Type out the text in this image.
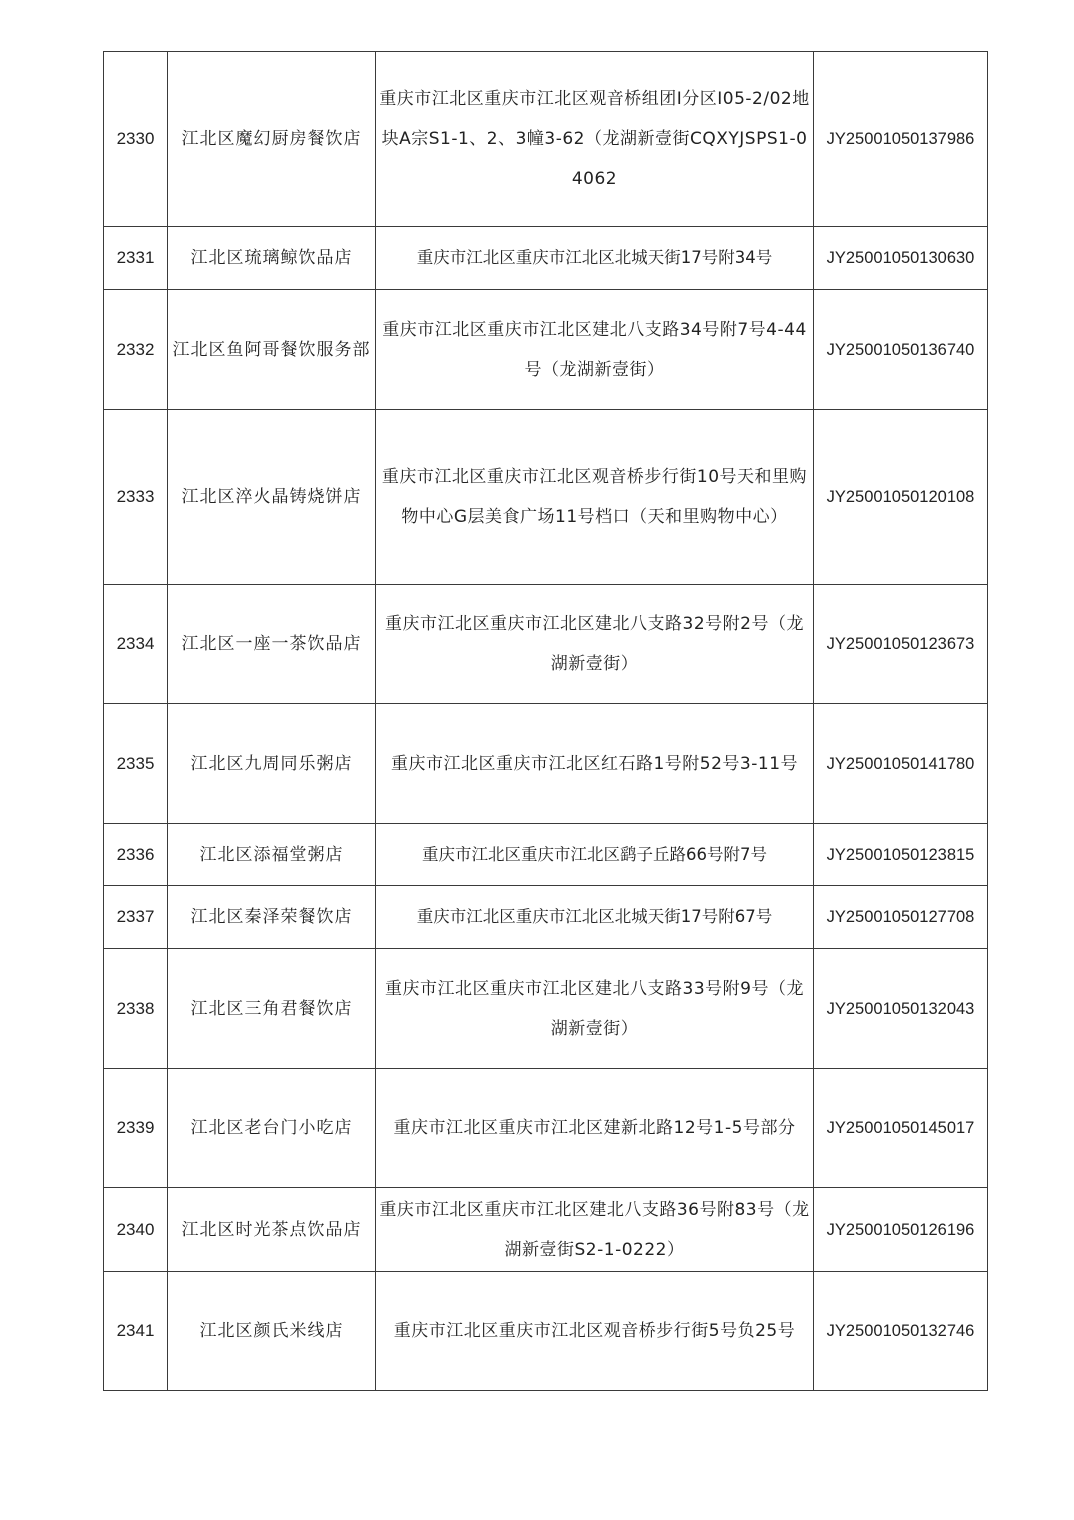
2330	江北区魔幻厨房餐饮店	重庆市江北区重庆市江北区观音桥组团Ⅰ分区Ⅰ05-2/02地块A宗S1-1、2、3幢3-62（龙湖新壹街CQXYJSPS1-04062	JY25001050137986
2331	江北区琉璃鲸饮品店	重庆市江北区重庆市江北区北城天街17号附34号	JY25001050130630
2332	江北区鱼阿哥餐饮服务部	重庆市江北区重庆市江北区建北八支路34号附7号4-44号（龙湖新壹街）	JY25001050136740
2333	江北区淬火晶铸烧饼店	重庆市江北区重庆市江北区观音桥步行街10号天和里购物中心G层美食广场11号档口（天和里购物中心）	JY25001050120108
2334	江北区一座一茶饮品店	重庆市江北区重庆市江北区建北八支路32号附2号（龙湖新壹街）	JY25001050123673
2335	江北区九周同乐粥店	重庆市江北区重庆市江北区红石路1号附52号3-11号	JY25001050141780
2336	江北区添福堂粥店	重庆市江北区重庆市江北区鹞子丘路66号附7号	JY25001050123815
2337	江北区秦泽荣餐饮店	重庆市江北区重庆市江北区北城天街17号附67号	JY25001050127708
2338	江北区三角君餐饮店	重庆市江北区重庆市江北区建北八支路33号附9号（龙湖新壹街）	JY25001050132043
2339	江北区老台门小吃店	重庆市江北区重庆市江北区建新北路12号1-5号部分	JY25001050145017
2340	江北区时光茶点饮品店	重庆市江北区重庆市江北区建北八支路36号附83号（龙湖新壹街S2-1-0222）	JY25001050126196
2341	江北区颜氏米线店	重庆市江北区重庆市江北区观音桥步行街5号负25号	JY25001050132746
